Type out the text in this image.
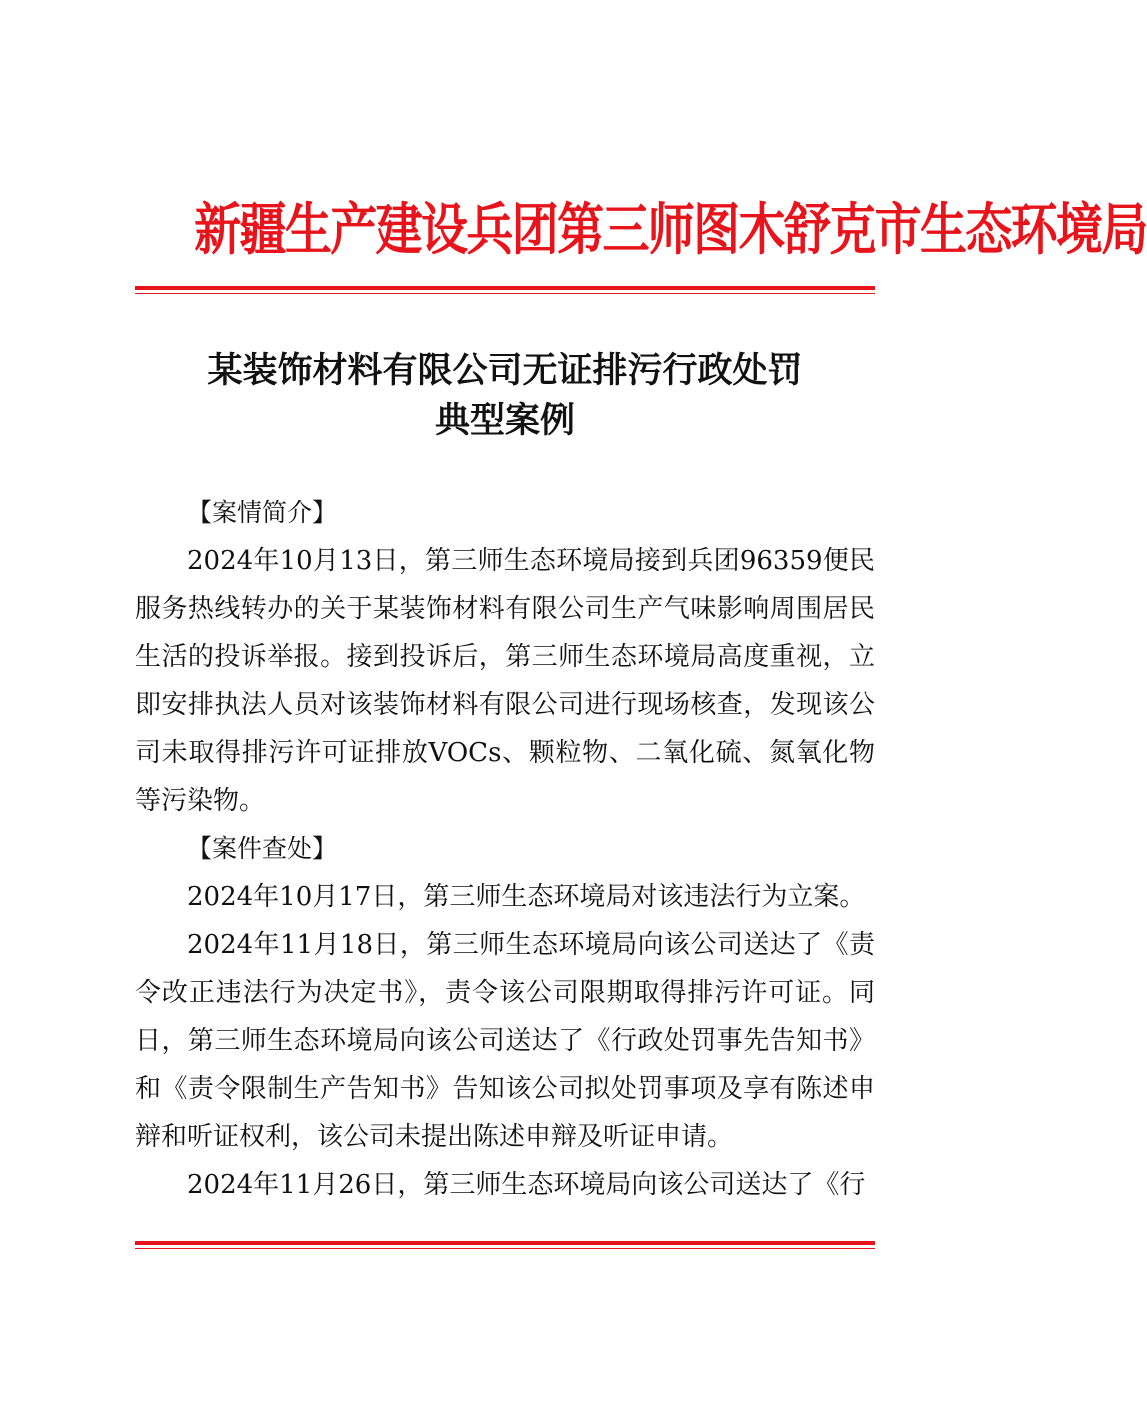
新疆生产建设兵团第三师图木舒克市生态环境局
某装饰材料有限公司无证排污行政处罚
典型案例

【案情简介】

2024年10月13日，第三师生态环境局接到兵团96359便民服务热线转办的关于某装饰材料有限公司生产气味影响周围居民生活的投诉举报。接到投诉后，第三师生态环境局高度重视，立即安排执法人员对该装饰材料有限公司进行现场核查，发现该公司未取得排污许可证排放VOCs、颗粒物、二氧化硫、氮氧化物等污染物。

【案件查处】

2024年10月17日，第三师生态环境局对该违法行为立案。

2024年11月18日，第三师生态环境局向该公司送达了《责令改正违法行为决定书》，责令该公司限期取得排污许可证。同日，第三师生态环境局向该公司送达了《行政处罚事先告知书》和《责令限制生产告知书》告知该公司拟处罚事项及享有陈述申辩和听证权利，该公司未提出陈述申辩及听证申请。

2024年11月26日，第三师生态环境局向该公司送达了《行
